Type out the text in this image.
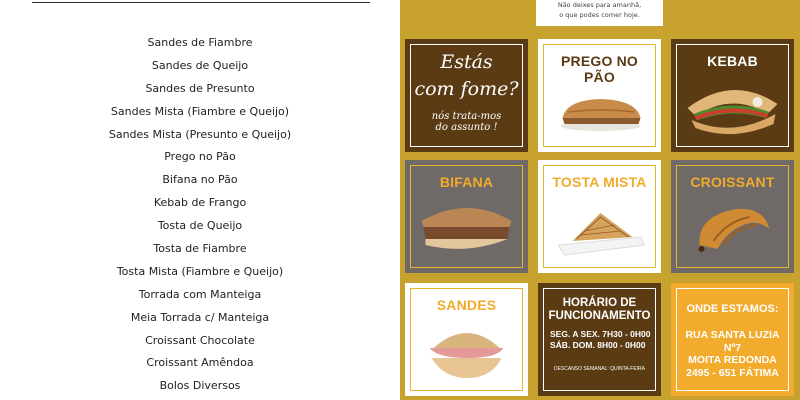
Sandes de Fiambre
Sandes de Queijo
Sandes de Presunto
Sandes Mista (Fiambre e Queijo)
Sandes Mista (Presunto e Queijo)
Prego no Pão
Bifana no Pão
Kebab de Frango
Tosta de Queijo
Tosta de Fiambre
Tosta Mista (Fiambre e Queijo)
Torrada com Manteiga
Meia Torrada c/ Manteiga
Croissant Chocolate
Croissant Amêndoa
Bolos Diversos
Não deixes para amanhã,
o que podes comer hoje.
Estás
com fome?
nós trata-mos
do assunto !
PREGO NO PÃO
KEBAB
BIFANA	TOSTA MISTA	CROISSANT
SANDES	HORÁRIO DE
FUNCIONAMENTO
SEG. A SEX. 7H30 - 0H00
SÁB. DOM. 8H00 - 0H00
DESCANSO SEMANAL: QUINTA-FEIRA
ONDE ESTAMOS:
RUA SANTA LUZIA Nº7
MOITA REDONDA
2495 - 651 FÁTIMA
